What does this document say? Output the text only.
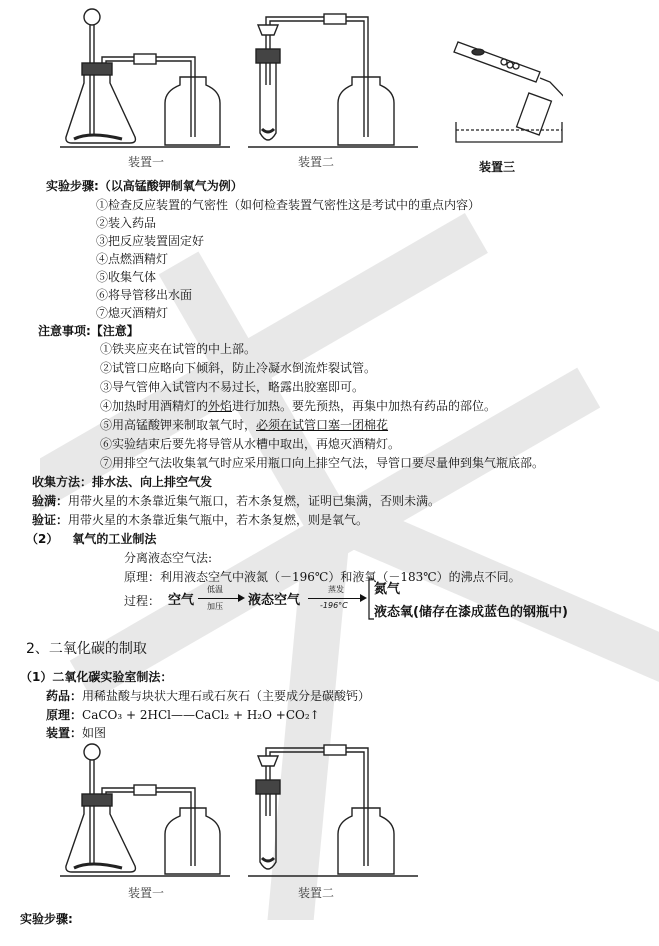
装置一	装置二	装置三
实验步骤:（以高锰酸钾制氧气为例）
①检查反应装置的气密性（如何检查装置气密性这是考试中的重点内容）
②装入药品
③把反应装置固定好
④点燃酒精灯
⑤收集气体
⑥将导管移出水面
⑦熄灭酒精灯
注意事项:【注意】
①铁夹应夹在试管的中上部。
②试管口应略向下倾斜，防止冷凝水倒流炸裂试管。
③导气管伸入试管内不易过长，略露出胶塞即可。
④加热时用酒精灯的外焰进行加热。要先预热，再集中加热有药品的部位。
⑤用高锰酸钾来制取氧气时，必须在试管口塞一团棉花
⑥实验结束后要先将导管从水槽中取出，再熄灭酒精灯。
⑦用排空气法收集氧气时应采用瓶口向上排空气法，导管口要尽量伸到集气瓶底部。
收集方法：排水法、向上排空气发
验满：用带火星的木条靠近集气瓶口，若木条复燃，证明已集满，否则未满。
验证：用带火星的木条靠近集气瓶中，若木条复燃，则是氧气。
（2） 氧气的工业制法
分离液态空气法:
原理：利用液态空气中液氮（－196℃）和液氧（－183℃）的沸点不同。
过程： 空气
低温
加压 液态空气
蒸发
-196°C
氮气
液态氧(储存在漆成蓝色的钢瓶中)
2、二氧化碳的制取
（1）二氧化碳实验室制法：
药品：用稀盐酸与块状大理石或石灰石（主要成分是碳酸钙）
原理：CaCO₃ + 2HCl——CaCl₂ + H₂O +CO₂↑
装置：如图
装置一	装置二
实验步骤:
